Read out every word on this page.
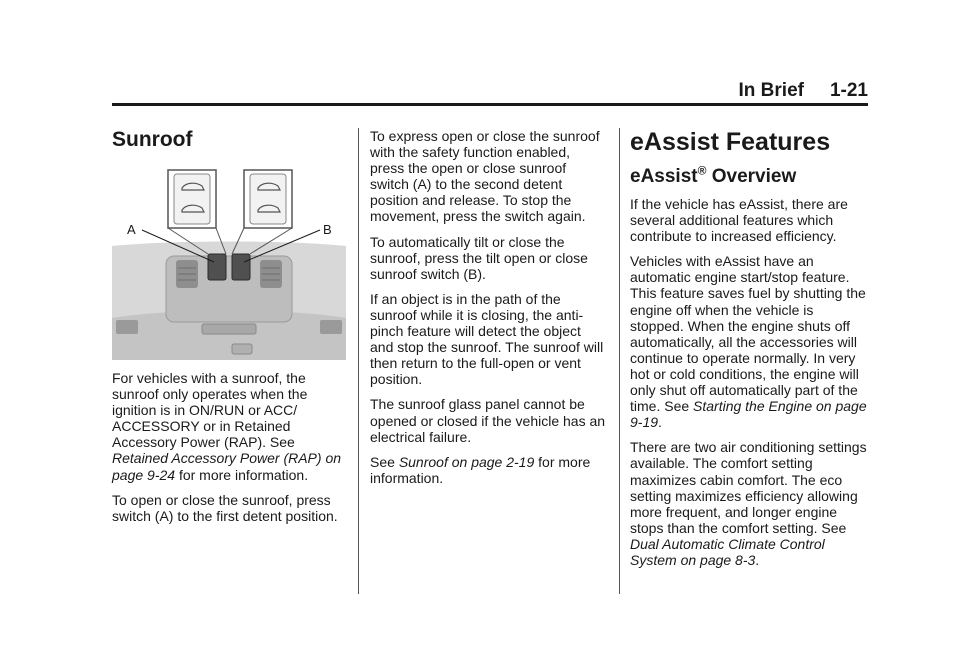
In Brief 1-21
Sunroof
A	B

For vehicles with a sunroof, the sunroof only operates when the ignition is in ON/RUN or ACC/ ACCESSORY or in Retained Accessory Power (RAP). See Retained Accessory Power (RAP) on page 9-24 for more information.

To open or close the sunroof, press switch (A) to the first detent position.

To express open or close the sunroof with the safety function enabled, press the open or close sunroof switch (A) to the second detent position and release. To stop the movement, press the switch again.

To automatically tilt or close the sunroof, press the tilt open or close sunroof switch (B).

If an object is in the path of the sunroof while it is closing, the anti-pinch feature will detect the object and stop the sunroof. The sunroof will then return to the full-open or vent position.

The sunroof glass panel cannot be opened or closed if the vehicle has an electrical failure.

See Sunroof on page 2-19 for more information.

eAssist Features
eAssist® Overview

If the vehicle has eAssist, there are several additional features which contribute to increased efficiency.

Vehicles with eAssist have an automatic engine start/stop feature. This feature saves fuel by shutting the engine off when the vehicle is stopped. When the engine shuts off automatically, all the accessories will continue to operate normally. In very hot or cold conditions, the engine will only shut off automatically part of the time. See Starting the Engine on page 9-19.

There are two air conditioning settings available. The comfort setting maximizes cabin comfort. The eco setting maximizes efficiency allowing more frequent, and longer engine stops than the comfort setting. See Dual Automatic Climate Control System on page 8-3.
